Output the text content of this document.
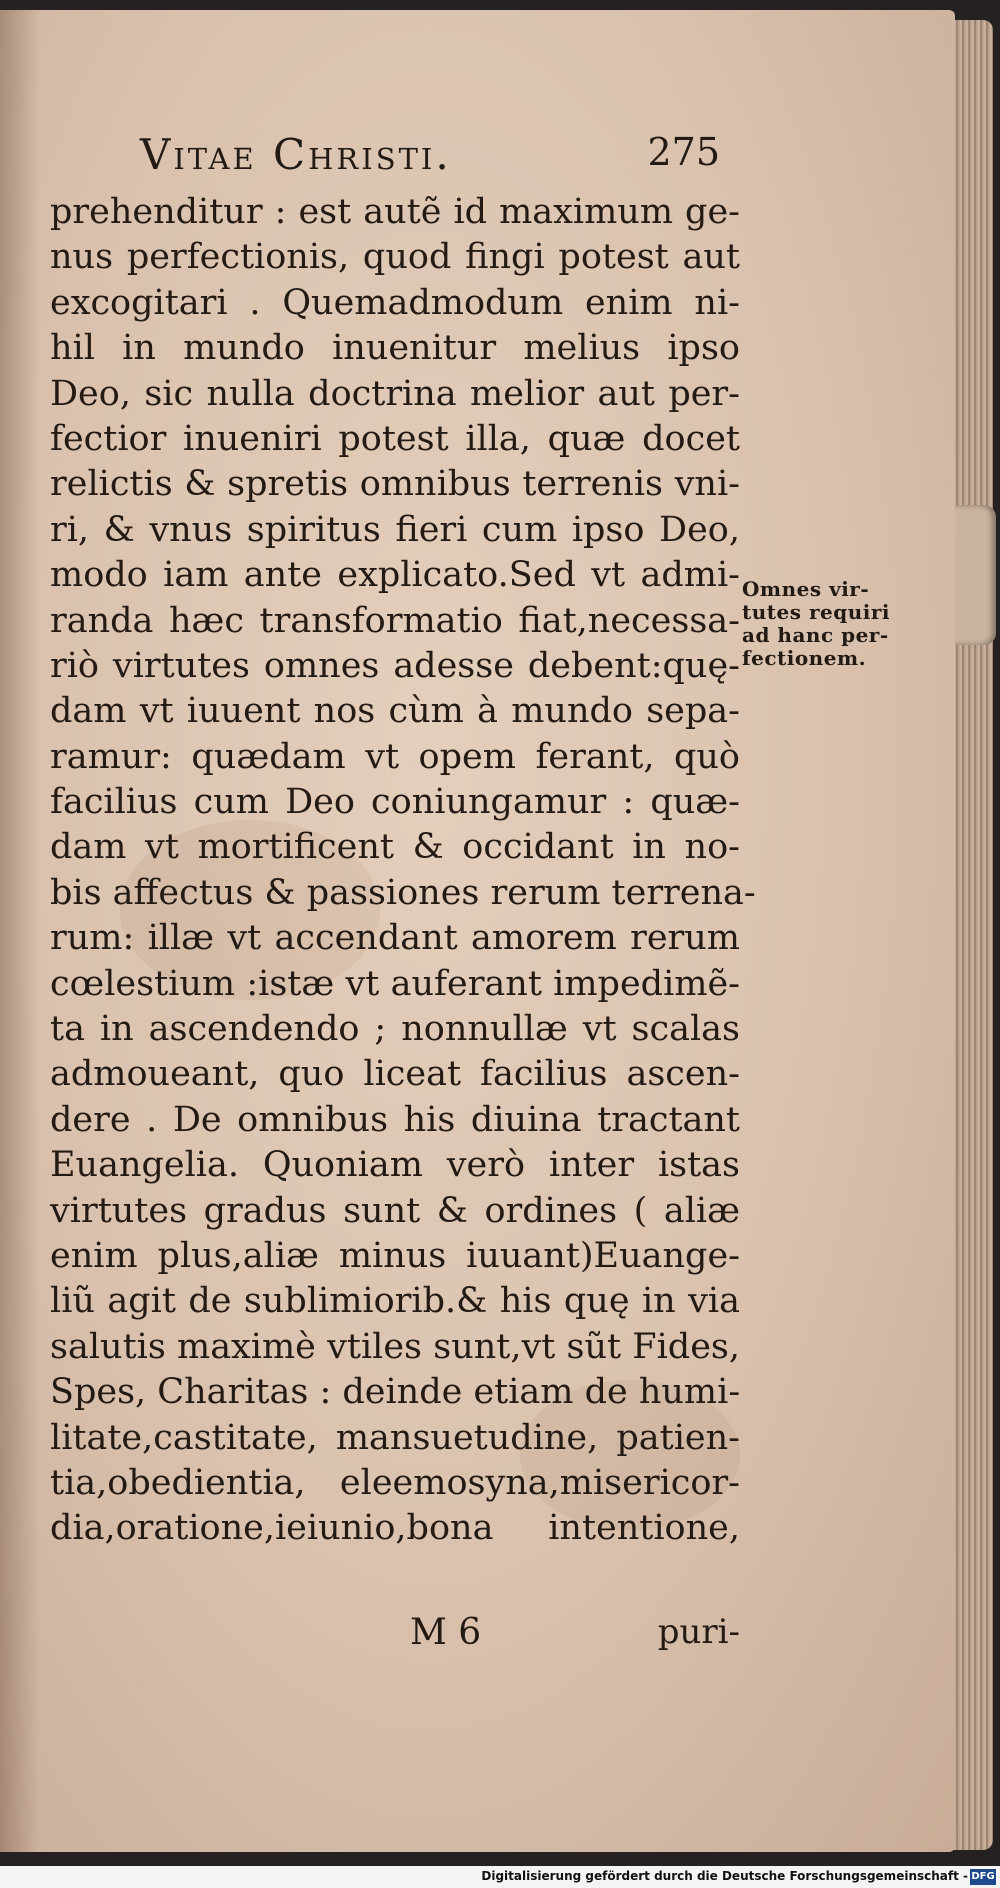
Vitae Christi.	275
prehenditur : est autẽ id maximum ge-
nus perfectionis, quod fingi potest aut
excogitari . Quemadmodum enim ni-
hil in mundo inuenitur melius ipso
Deo, sic nulla doctrina melior aut per-
fectior inueniri potest illa, quæ docet
relictis & spretis omnibus terrenis vni-
ri, & vnus spiritus fieri cum ipso Deo,
modo iam ante explicato.Sed vt admi-
randa hæc transformatio fiat,necessa-
riò virtutes omnes adesse debent:quę-
dam vt iuuent nos cùm à mundo sepa-
ramur: quædam vt opem ferant, quò
facilius cum Deo coniungamur : quæ-
dam vt mortificent & occidant in no-
bis affectus & passiones rerum terrena-
rum: illæ vt accendant amorem rerum
cœlestium :istæ vt auferant impedimẽ-
ta in ascendendo ; nonnullæ vt scalas
admoueant, quo liceat facilius ascen-
dere . De omnibus his diuina tractant
Euangelia. Quoniam verò inter istas
virtutes gradus sunt & ordines ( aliæ
enim plus,aliæ minus iuuant)Euange-
liũ agit de sublimiorib.& his quę in via
salutis maximè vtiles sunt,vt sũt Fides,
Spes, Charitas : deinde etiam de humi-
litate,castitate, mansuetudine, patien-
tia,obedientia, eleemosyna,misericor-
dia,oratione,ieiunio,bona intentione,
Omnes vir-
tutes requiri
ad hanc per-
fectionem.
M 6	puri-
Digitalisierung gefördert durch die Deutsche Forschungsgemeinschaft - DFG
